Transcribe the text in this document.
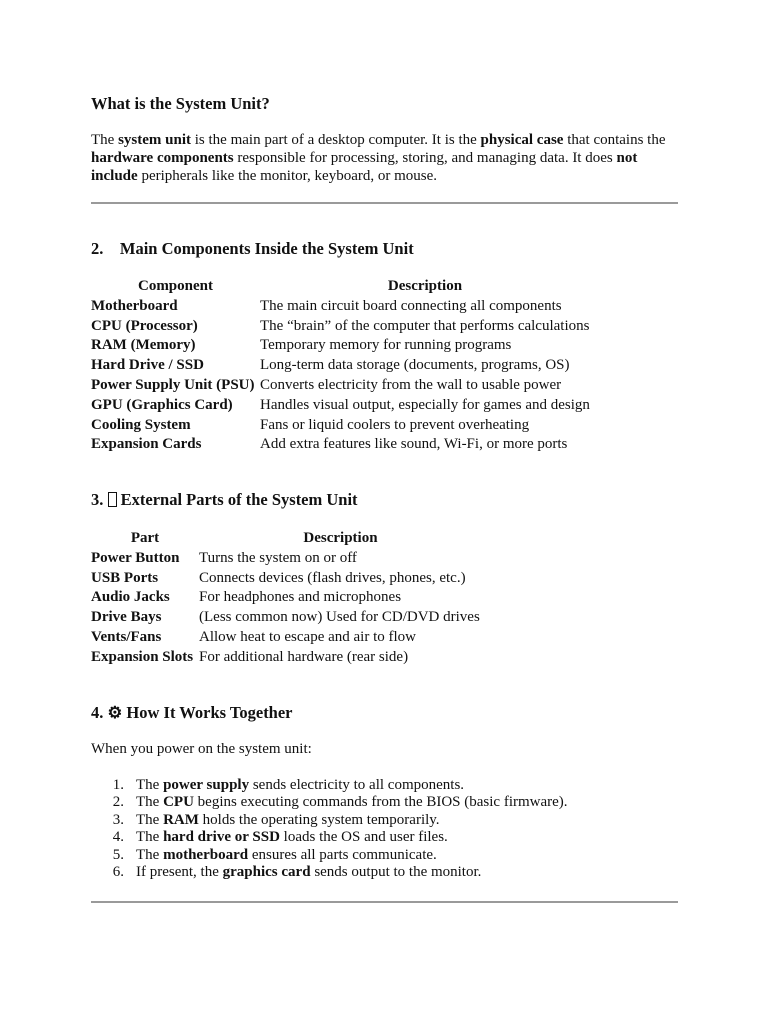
What is the System Unit?

The system unit is the main part of a desktop computer. It is the physical case that contains the
hardware components responsible for processing, storing, and managing data. It does not
include peripherals like the monitor, keyboard, or mouse.

2. Main Components Inside the System Unit
Component	Description
Motherboard	The main circuit board connecting all components
CPU (Processor)	The “brain” of the computer that performs calculations
RAM (Memory)	Temporary memory for running programs
Hard Drive / SSD	Long-term data storage (documents, programs, OS)
Power Supply Unit (PSU)	Converts electricity from the wall to usable power
GPU (Graphics Card)	Handles visual output, especially for games and design
Cooling System	Fans or liquid coolers to prevent overheating
Expansion Cards	Add extra features like sound, Wi-Fi, or more ports
3. External Parts of the System Unit
Part	Description
Power Button	Turns the system on or off
USB Ports	Connects devices (flash drives, phones, etc.)
Audio Jacks	For headphones and microphones
Drive Bays	(Less common now) Used for CD/DVD drives
Vents/Fans	Allow heat to escape and air to flow
Expansion Slots	For additional hardware (rear side)
4. ⚙ How It Works Together

When you power on the system unit:

1. The power supply sends electricity to all components.
2. The CPU begins executing commands from the BIOS (basic firmware).
3. The RAM holds the operating system temporarily.
4. The hard drive or SSD loads the OS and user files.
5. The motherboard ensures all parts communicate.
6. If present, the graphics card sends output to the monitor.
